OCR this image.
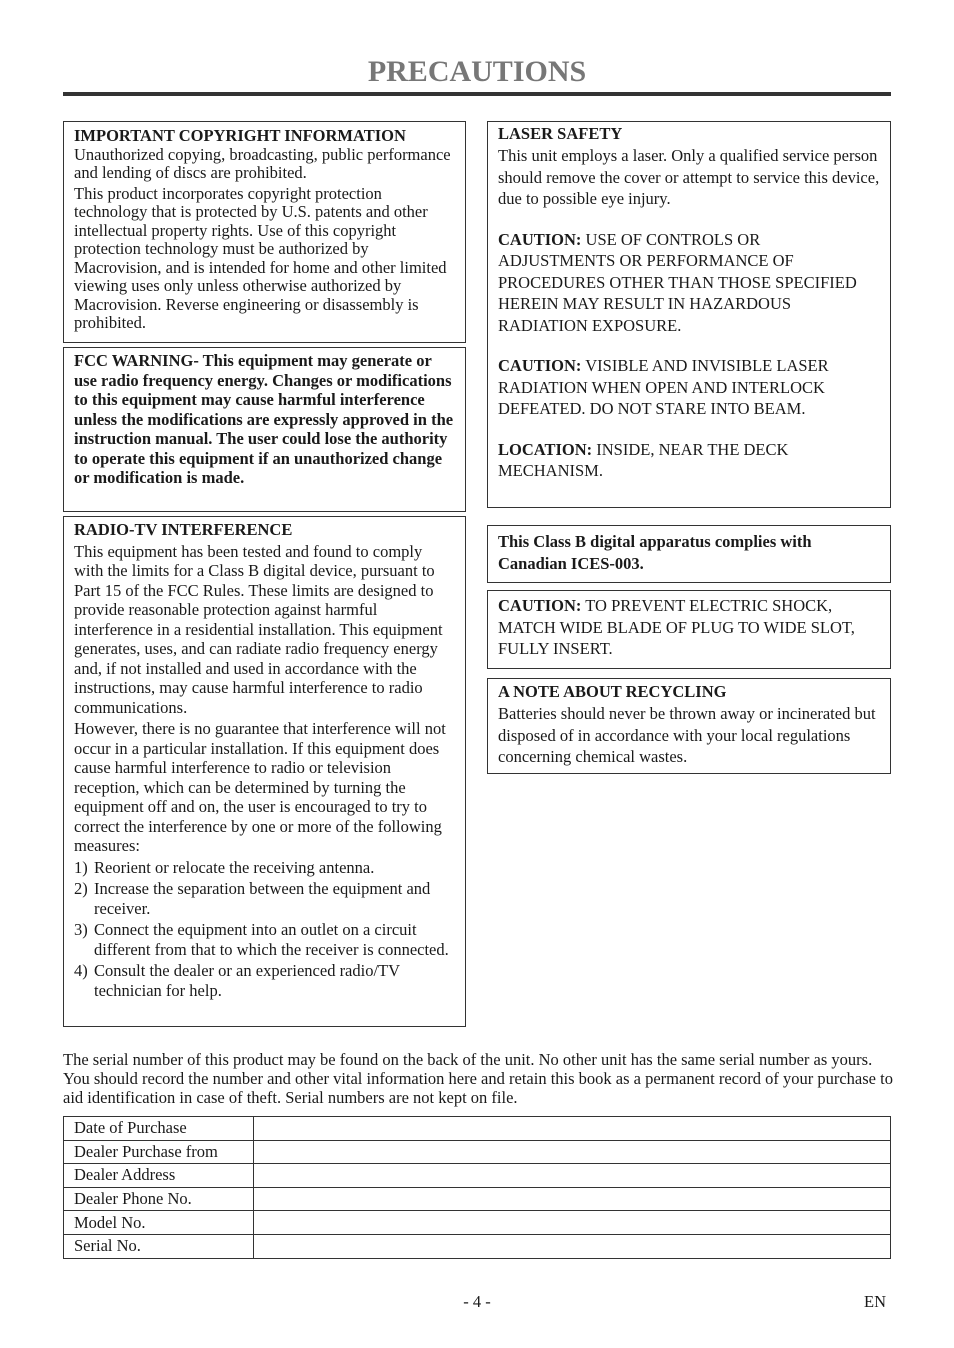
PRECAUTIONS

IMPORTANT COPYRIGHT INFORMATION

Unauthorized copying, broadcasting, public performance and lending of discs are prohibited.

This product incorporates copyright protection technology that is protected by U.S. patents and other intellectual property rights. Use of this copyright protection technology must be authorized by Macrovision, and is intended for home and other limited viewing uses only unless otherwise authorized by Macrovision. Reverse engineering or disassembly is prohibited.

FCC WARNING- This equipment may generate or use radio frequency energy. Changes or modifications to this equipment may cause harmful interference unless the modifications are expressly approved in the instruction manual. The user could lose the authority to operate this equipment if an unauthorized change or modification is made.

RADIO-TV INTERFERENCE

This equipment has been tested and found to comply with the limits for a Class B digital device, pursuant to Part 15 of the FCC Rules. These limits are designed to provide reasonable protection against harmful interference in a residential installation. This equipment generates, uses, and can radiate radio frequency energy and, if not installed and used in accordance with the instructions, may cause harmful interference to radio communications.

However, there is no guarantee that interference will not occur in a particular installation. If this equipment does cause harmful interference to radio or television reception, which can be determined by turning the equipment off and on, the user is encouraged to try to correct the interference by one or more of the following measures:

1) Reorient or relocate the receiving antenna.
2) Increase the separation between the equipment and receiver.
3) Connect the equipment into an outlet on a circuit different from that to which the receiver is connected.
4) Consult the dealer or an experienced radio/TV technician for help.

LASER SAFETY

This unit employs a laser. Only a qualified service person should remove the cover or attempt to service this device, due to possible eye injury.

CAUTION: USE OF CONTROLS OR ADJUSTMENTS OR PERFORMANCE OF PROCEDURES OTHER THAN THOSE SPECIFIED HEREIN MAY RESULT IN HAZARDOUS RADIATION EXPOSURE.

CAUTION: VISIBLE AND INVISIBLE LASER RADIATION WHEN OPEN AND INTERLOCK DEFEATED. DO NOT STARE INTO BEAM.

LOCATION: INSIDE, NEAR THE DECK MECHANISM.

This Class B digital apparatus complies with Canadian ICES-003.

CAUTION: TO PREVENT ELECTRIC SHOCK, MATCH WIDE BLADE OF PLUG TO WIDE SLOT, FULLY INSERT.

A NOTE ABOUT RECYCLING

Batteries should never be thrown away or incinerated but disposed of in accordance with your local regulations concerning chemical wastes.

The serial number of this product may be found on the back of the unit. No other unit has the same serial number as yours. You should record the number and other vital information here and retain this book as a permanent record of your purchase to aid identification in case of theft. Serial numbers are not kept on file.
Date of Purchase	
Dealer Purchase from	
Dealer Address	
Dealer Phone No.	
Model No.	
Serial No.	
- 4 -	EN
